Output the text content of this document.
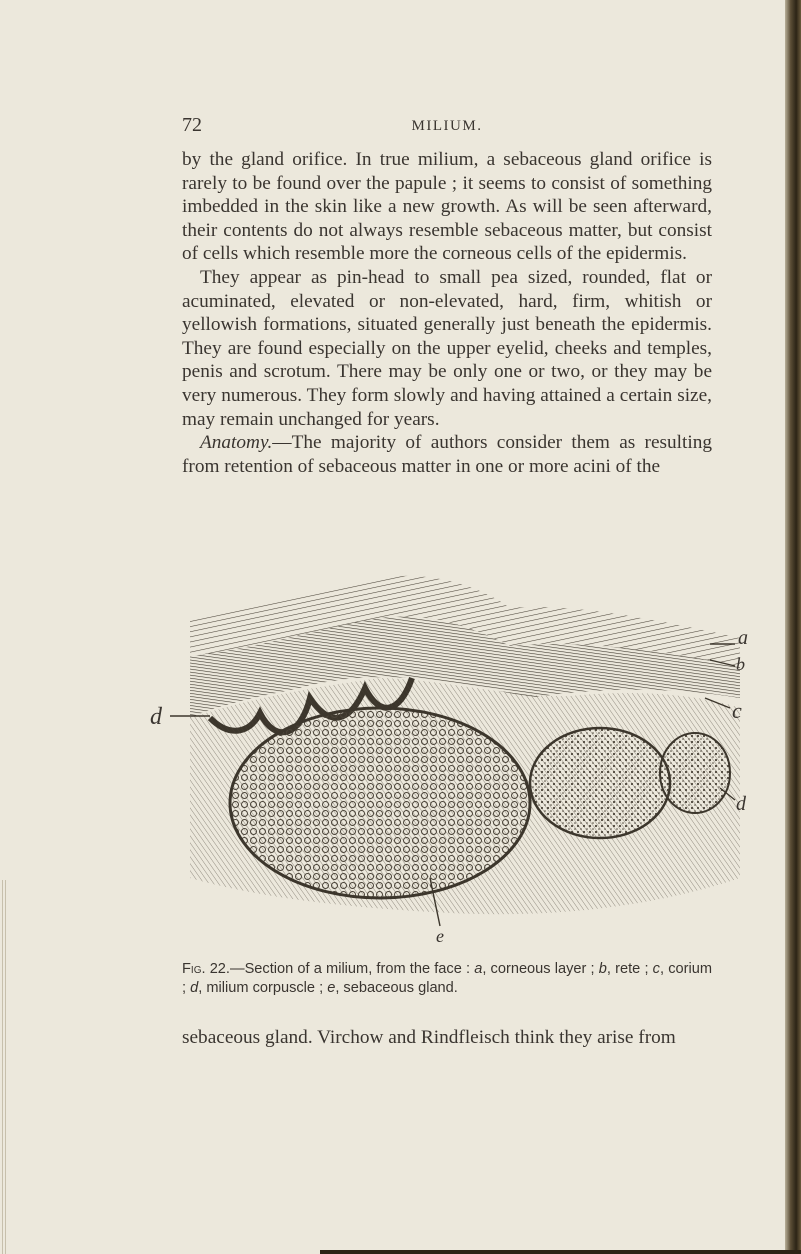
72	MILIUM.

by the gland orifice. In true milium, a sebaceous gland orifice is rarely to be found over the papule ; it seems to consist of something imbedded in the skin like a new growth. As will be seen afterward, their contents do not always resemble sebaceous matter, but consist of cells which resemble more the corneous cells of the epidermis.

They appear as pin-head to small pea sized, rounded, flat or acuminated, elevated or non-elevated, hard, firm, whitish or yellowish formations, situated generally just beneath the epidermis. They are found especially on the upper eyelid, cheeks and temples, penis and scrotum. There may be only one or two, or they may be very numerous. They form slowly and having attained a certain size, may remain unchanged for years.

Anatomy.—The majority of authors consider them as resulting from retention of sebaceous matter in one or more acini of the

a
b
c
d
d
e
Fig. 22.—Section of a milium, from the face : a, corneous layer ; b, rete ; c, corium ; d, milium corpuscle ; e, sebaceous gland.
sebaceous gland. Virchow and Rindfleisch think they arise from
